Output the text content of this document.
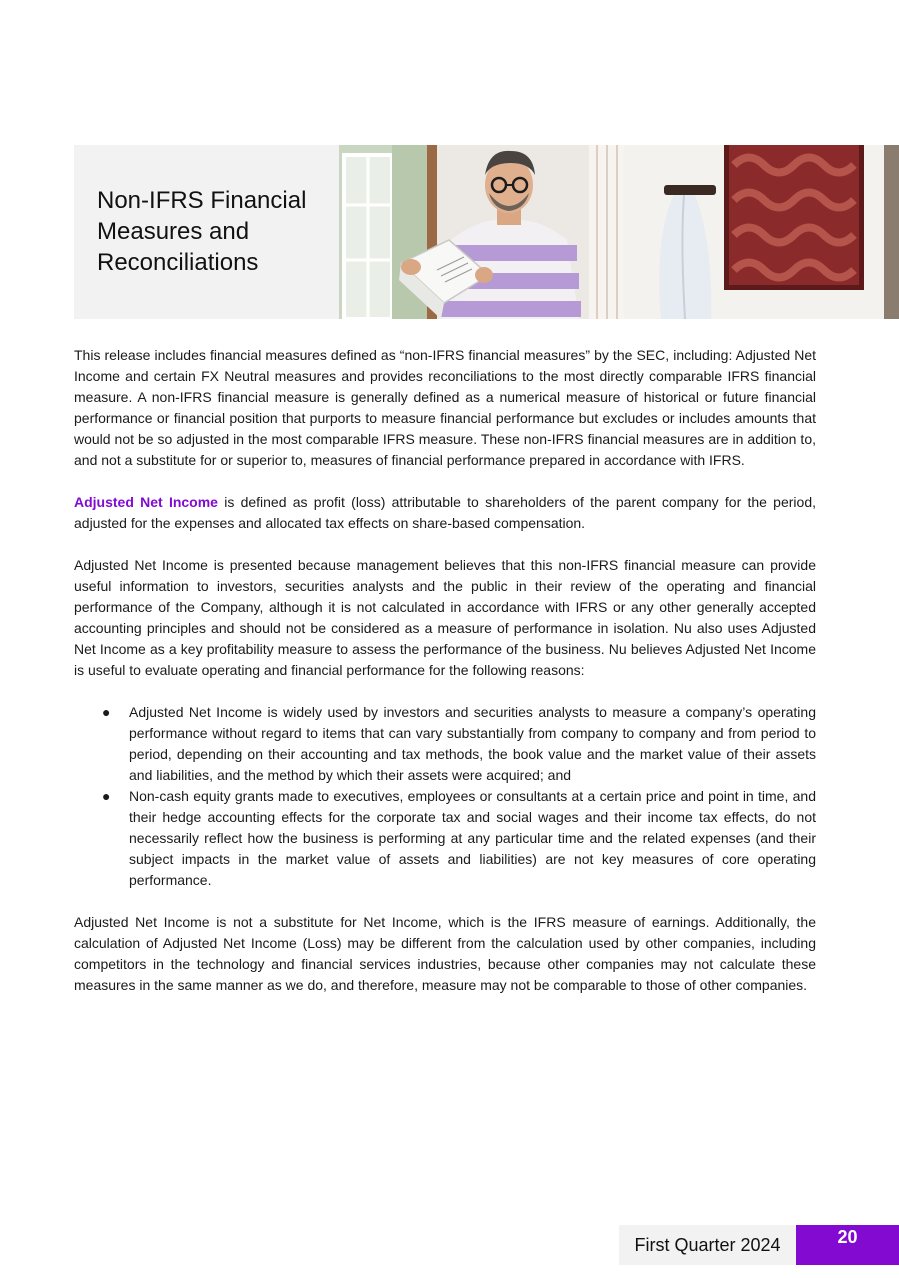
Non-IFRS Financial
Measures and
Reconciliations

This release includes financial measures defined as “non-IFRS financial measures” by the SEC, including: Adjusted Net Income and certain FX Neutral measures and provides reconciliations to the most directly comparable IFRS financial measure. A non-IFRS financial measure is generally defined as a numerical measure of historical or future financial performance or financial position that purports to measure financial performance but excludes or includes amounts that would not be so adjusted in the most comparable IFRS measure. These non-IFRS financial measures are in addition to, and not a substitute for or superior to, measures of financial performance prepared in accordance with IFRS.

Adjusted Net Income is defined as profit (loss) attributable to shareholders of the parent company for the period, adjusted for the expenses and allocated tax effects on share-based compensation.

Adjusted Net Income is presented because management believes that this non-IFRS financial measure can provide useful information to investors, securities analysts and the public in their review of the operating and financial performance of the Company, although it is not calculated in accordance with IFRS or any other generally accepted accounting principles and should not be considered as a measure of performance in isolation. Nu also uses Adjusted Net Income as a key profitability measure to assess the performance of the business. Nu believes Adjusted Net Income is useful to evaluate operating and financial performance for the following reasons:

● Adjusted Net Income is widely used by investors and securities analysts to measure a company’s operating performance without regard to items that can vary substantially from company to company and from period to period, depending on their accounting and tax methods, the book value and the market value of their assets and liabilities, and the method by which their assets were acquired; and
● Non-cash equity grants made to executives, employees or consultants at a certain price and point in time, and their hedge accounting effects for the corporate tax and social wages and their income tax effects, do not necessarily reflect how the business is performing at any particular time and the related expenses (and their subject impacts in the market value of assets and liabilities) are not key measures of core operating performance.

Adjusted Net Income is not a substitute for Net Income, which is the IFRS measure of earnings. Additionally, the calculation of Adjusted Net Income (Loss) may be different from the calculation used by other companies, including competitors in the technology and financial services industries, because other companies may not calculate these measures in the same manner as we do, and therefore, measure may not be comparable to those of other companies.

First Quarter 2024	20
